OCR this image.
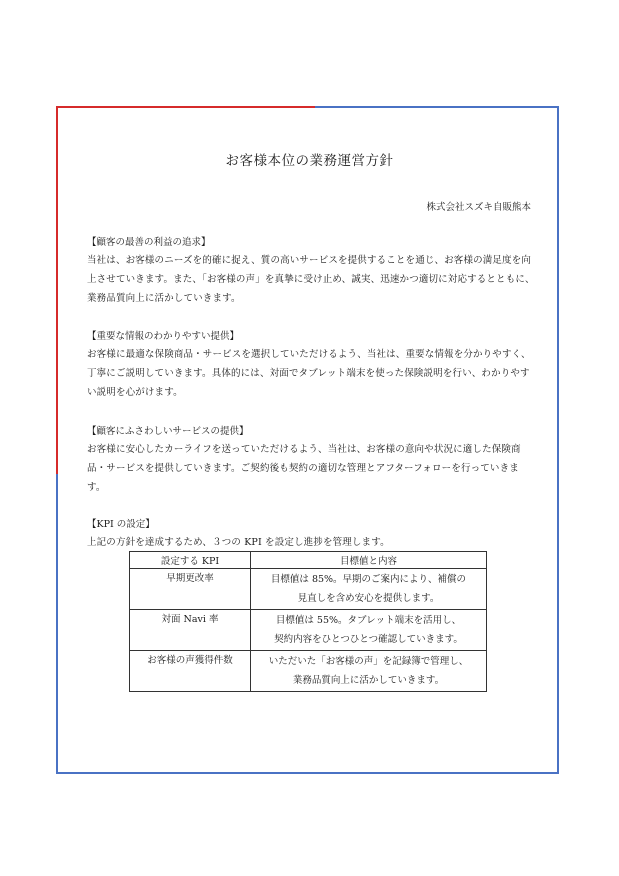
お客様本位の業務運営方針
株式会社スズキ自販熊本
【顧客の最善の利益の追求】

当社は、お客様のニーズを的確に捉え、質の高いサービスを提供することを通じ、お客様の満足度を向上させていきます。また、「お客様の声」を真摯に受け止め、誠実、迅速かつ適切に対応するとともに、業務品質向上に活かしていきます。

【重要な情報のわかりやすい提供】

お客様に最適な保険商品・サービスを選択していただけるよう、当社は、重要な情報を分かりやすく、丁寧にご説明していきます。具体的には、対面でタブレット端末を使った保険説明を行い、わかりやすい説明を心がけます。

【顧客にふさわしいサービスの提供】

お客様に安心したカーライフを送っていただけるよう、当社は、お客様の意向や状況に適した保険商品・サービスを提供していきます。ご契約後も契約の適切な管理とアフターフォローを行っていきます。

【KPI の設定】

上記の方針を達成するため、３つの KPI を設定し進捗を管理します。

設定する KPI	目標値と内容
早期更改率	目標値は 85%。早期のご案内により、補償の
見直しを含め安心を提供します。

対面 Navi 率	目標値は 55%。タブレット端末を活用し、
契約内容をひとつひとつ確認していきます。

お客様の声獲得件数	いただいた「お客様の声」を記録簿で管理し、
業務品質向上に活かしていきます。
